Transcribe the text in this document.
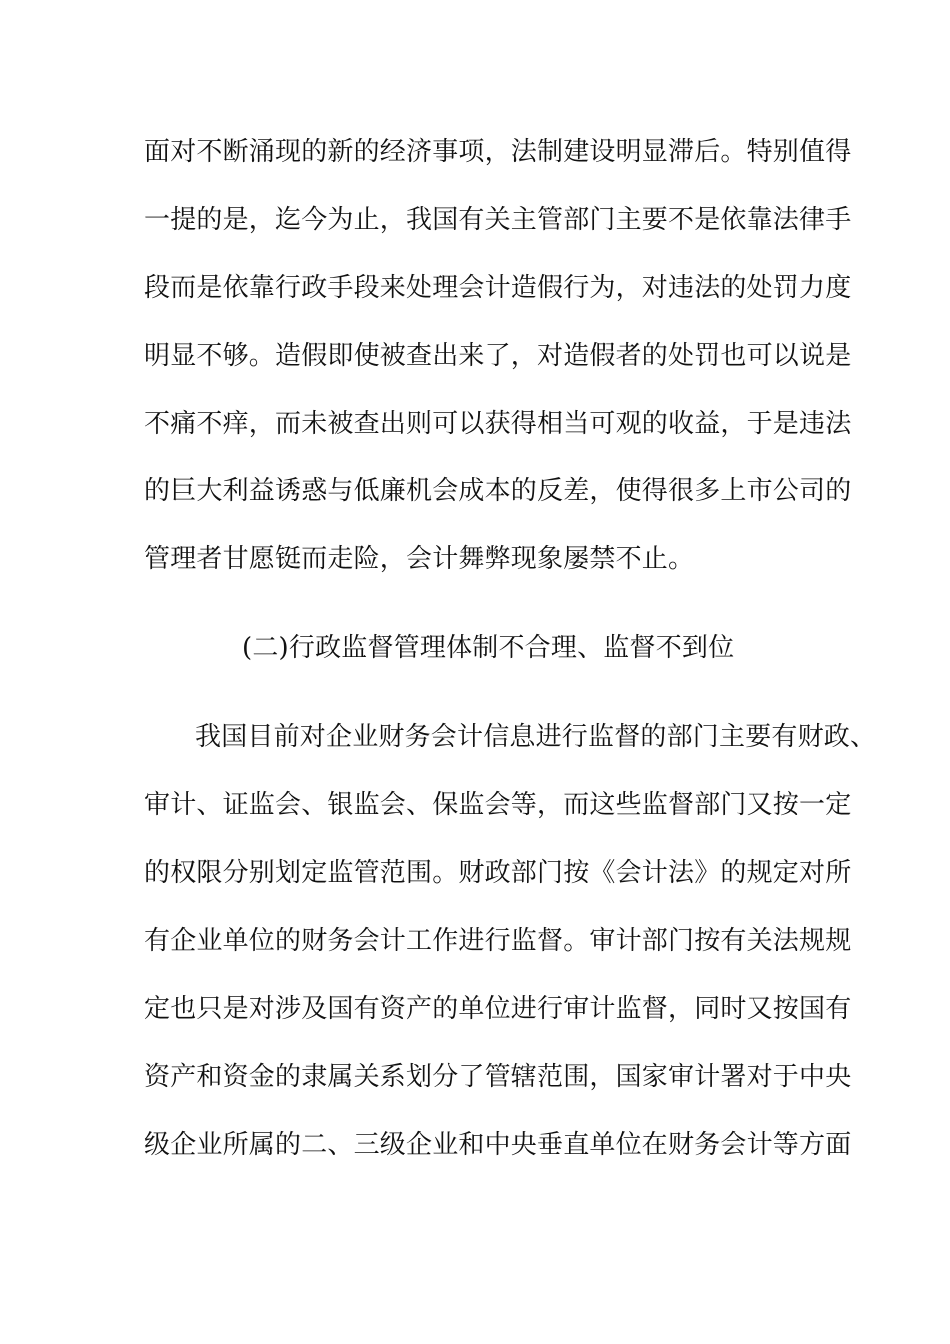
面对不断涌现的新的经济事项，法制建设明显滞后。特别值得
一提的是，迄今为止，我国有关主管部门主要不是依靠法律手
段而是依靠行政手段来处理会计造假行为，对违法的处罚力度
明显不够。造假即使被查出来了，对造假者的处罚也可以说是
不痛不痒，而未被查出则可以获得相当可观的收益，于是违法
的巨大利益诱惑与低廉机会成本的反差，使得很多上市公司的
管理者甘愿铤而走险，会计舞弊现象屡禁不止。
(二)行政监督管理体制不合理、监督不到位
我国目前对企业财务会计信息进行监督的部门主要有财政、
审计、证监会、银监会、保监会等，而这些监督部门又按一定
的权限分别划定监管范围。财政部门按《会计法》的规定对所
有企业单位的财务会计工作进行监督。审计部门按有关法规规
定也只是对涉及国有资产的单位进行审计监督，同时又按国有
资产和资金的隶属关系划分了管辖范围，国家审计署对于中央
级企业所属的二、三级企业和中央垂直单位在财务会计等方面
